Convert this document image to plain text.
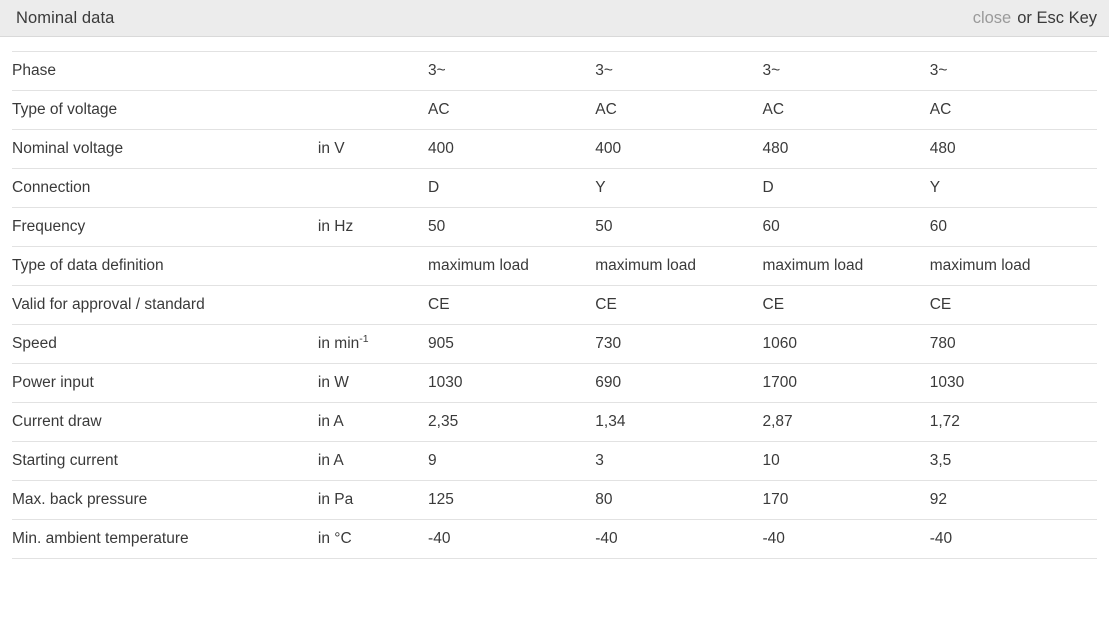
Nominal data	close or Esc Key
Phase		3~	3~	3~	3~
Type of voltage		AC	AC	AC	AC
Nominal voltage	in V	400	400	480	480
Connection		D	Y	D	Y
Frequency	in Hz	50	50	60	60
Type of data definition		maximum load	maximum load	maximum load	maximum load
Valid for approval / standard		CE	CE	CE	CE
Speed	in $\min^{-1}$	905	730	1060	780
Power input	in W	1030	690	1700	1030
Current draw	in A	2,35	1,34	2,87	1,72
Starting current	in A	9	3	10	3,5
Max. back pressure	in Pa	125	80	170	92
Min. ambient temperature	in °C	-40	-40	-40	-40
